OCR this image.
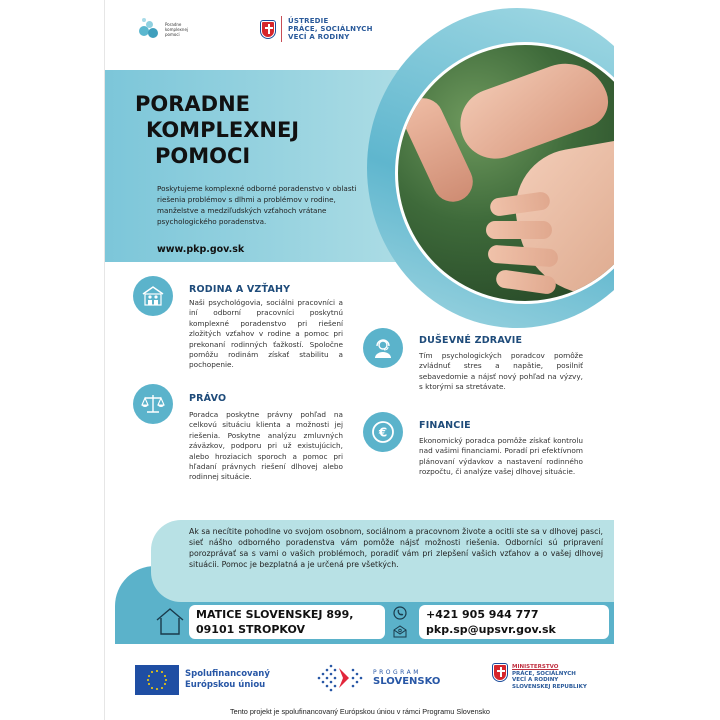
Poradne komplexnej pomoci
ÚSTREDIE
PRÁCE, SOCIÁLNYCH
VECÍ A RODINY
PORADNE
KOMPLEXNEJ
POMOCI
Poskytujeme komplexné odborné poradenstvo v oblasti riešenia problémov s dlhmi a problémov v rodine, manželstve a medziľudských vzťahoch vrátane psychologického poradenstva.
www.pkp.gov.sk
RODINA A VZŤAHY
Naši psychológovia, sociálni pracovníci a iní odborní pracovníci poskytnú komplexné poradenstvo pri riešení zložitých vzťahov v rodine a pomoc pri prekonaní rodinných ťažkostí. Spoločne pomôžu rodinám získať stabilitu a pochopenie.
PRÁVO
Poradca poskytne právny pohľad na celkovú situáciu klienta a možnosti jej riešenia. Poskytne analýzu zmluvných záväzkov, podporu pri už existujúcich, alebo hroziacich sporoch a pomoc pri hľadaní právnych riešení dlhovej alebo rodinnej situácie.
DUŠEVNÉ ZDRAVIE
Tím psychologických poradcov pomôže zvládnuť stres a napätie, posilniť sebavedomie a nájsť nový pohľad na výzvy, s ktorými sa stretávate.
€	FINANCIE
Ekonomický poradca pomôže získať kontrolu nad vašimi financiami. Poradí pri efektívnom plánovaní výdavkov a nastavení rodinného rozpočtu, či analýze vašej dlhovej situácie.
Ak sa necítite pohodlne vo svojom osobnom, sociálnom a pracovnom živote a ocitli ste sa v dlhovej pasci, sieť nášho odborného poradenstva vám pomôže nájsť možnosti riešenia. Odborníci sú pripravení porozprávať sa s vami o vašich problémoch, poradiť vám pri zlepšení vašich vzťahov a o vašej dlhovej situácii. Pomoc je bezplatná a je určená pre všetkých.
MATICE SLOVENSKEJ 899,
09101 STROPKOV
+421 905 944 777
pkp.sp@upsvr.gov.sk
Spolufinancovaný
Európskou úniou
PROGRAM
SLOVENSKO
MINISTERSTVO
PRÁCE, SOCIÁLNYCH
VECÍ A RODINY
SLOVENSKEJ REPUBLIKY
Tento projekt je spolufinancovaný Európskou úniou v rámci Programu Slovensko
